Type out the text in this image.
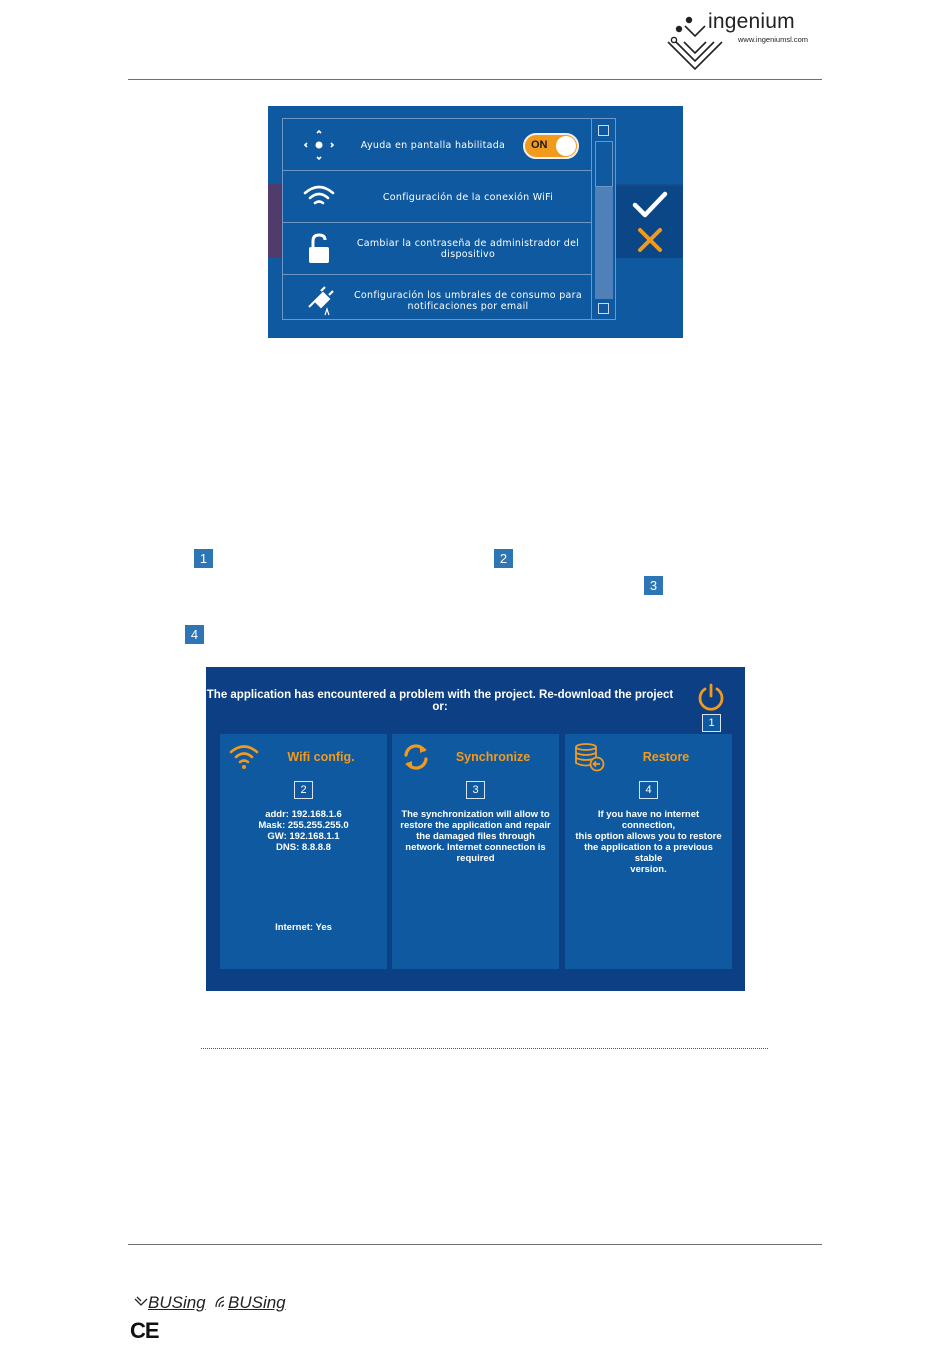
ingenium
www.ingeniumsl.com
Ayuda en pantalla habilitada	ON
Configuración de la conexión WiFi
Cambiar la contraseña de administrador del dispositivo
Configuración los umbrales de consumo para notificaciones por email
1	2
3
4
The application has encountered a problem with the project. Re-download the project or:
1
Wifi config.
2
addr: 192.168.1.6
Mask: 255.255.255.0
GW: 192.168.1.1
DNS: 8.8.8.8
Internet: Yes
Synchronize
3
The synchronization will allow to
restore the application and repair
the damaged files through
network. Internet connection is
required
Restore
4
If you have no internet connection,
this option allows you to restore
the application to a previous stable
version.
BUSing	BUSing
CE
